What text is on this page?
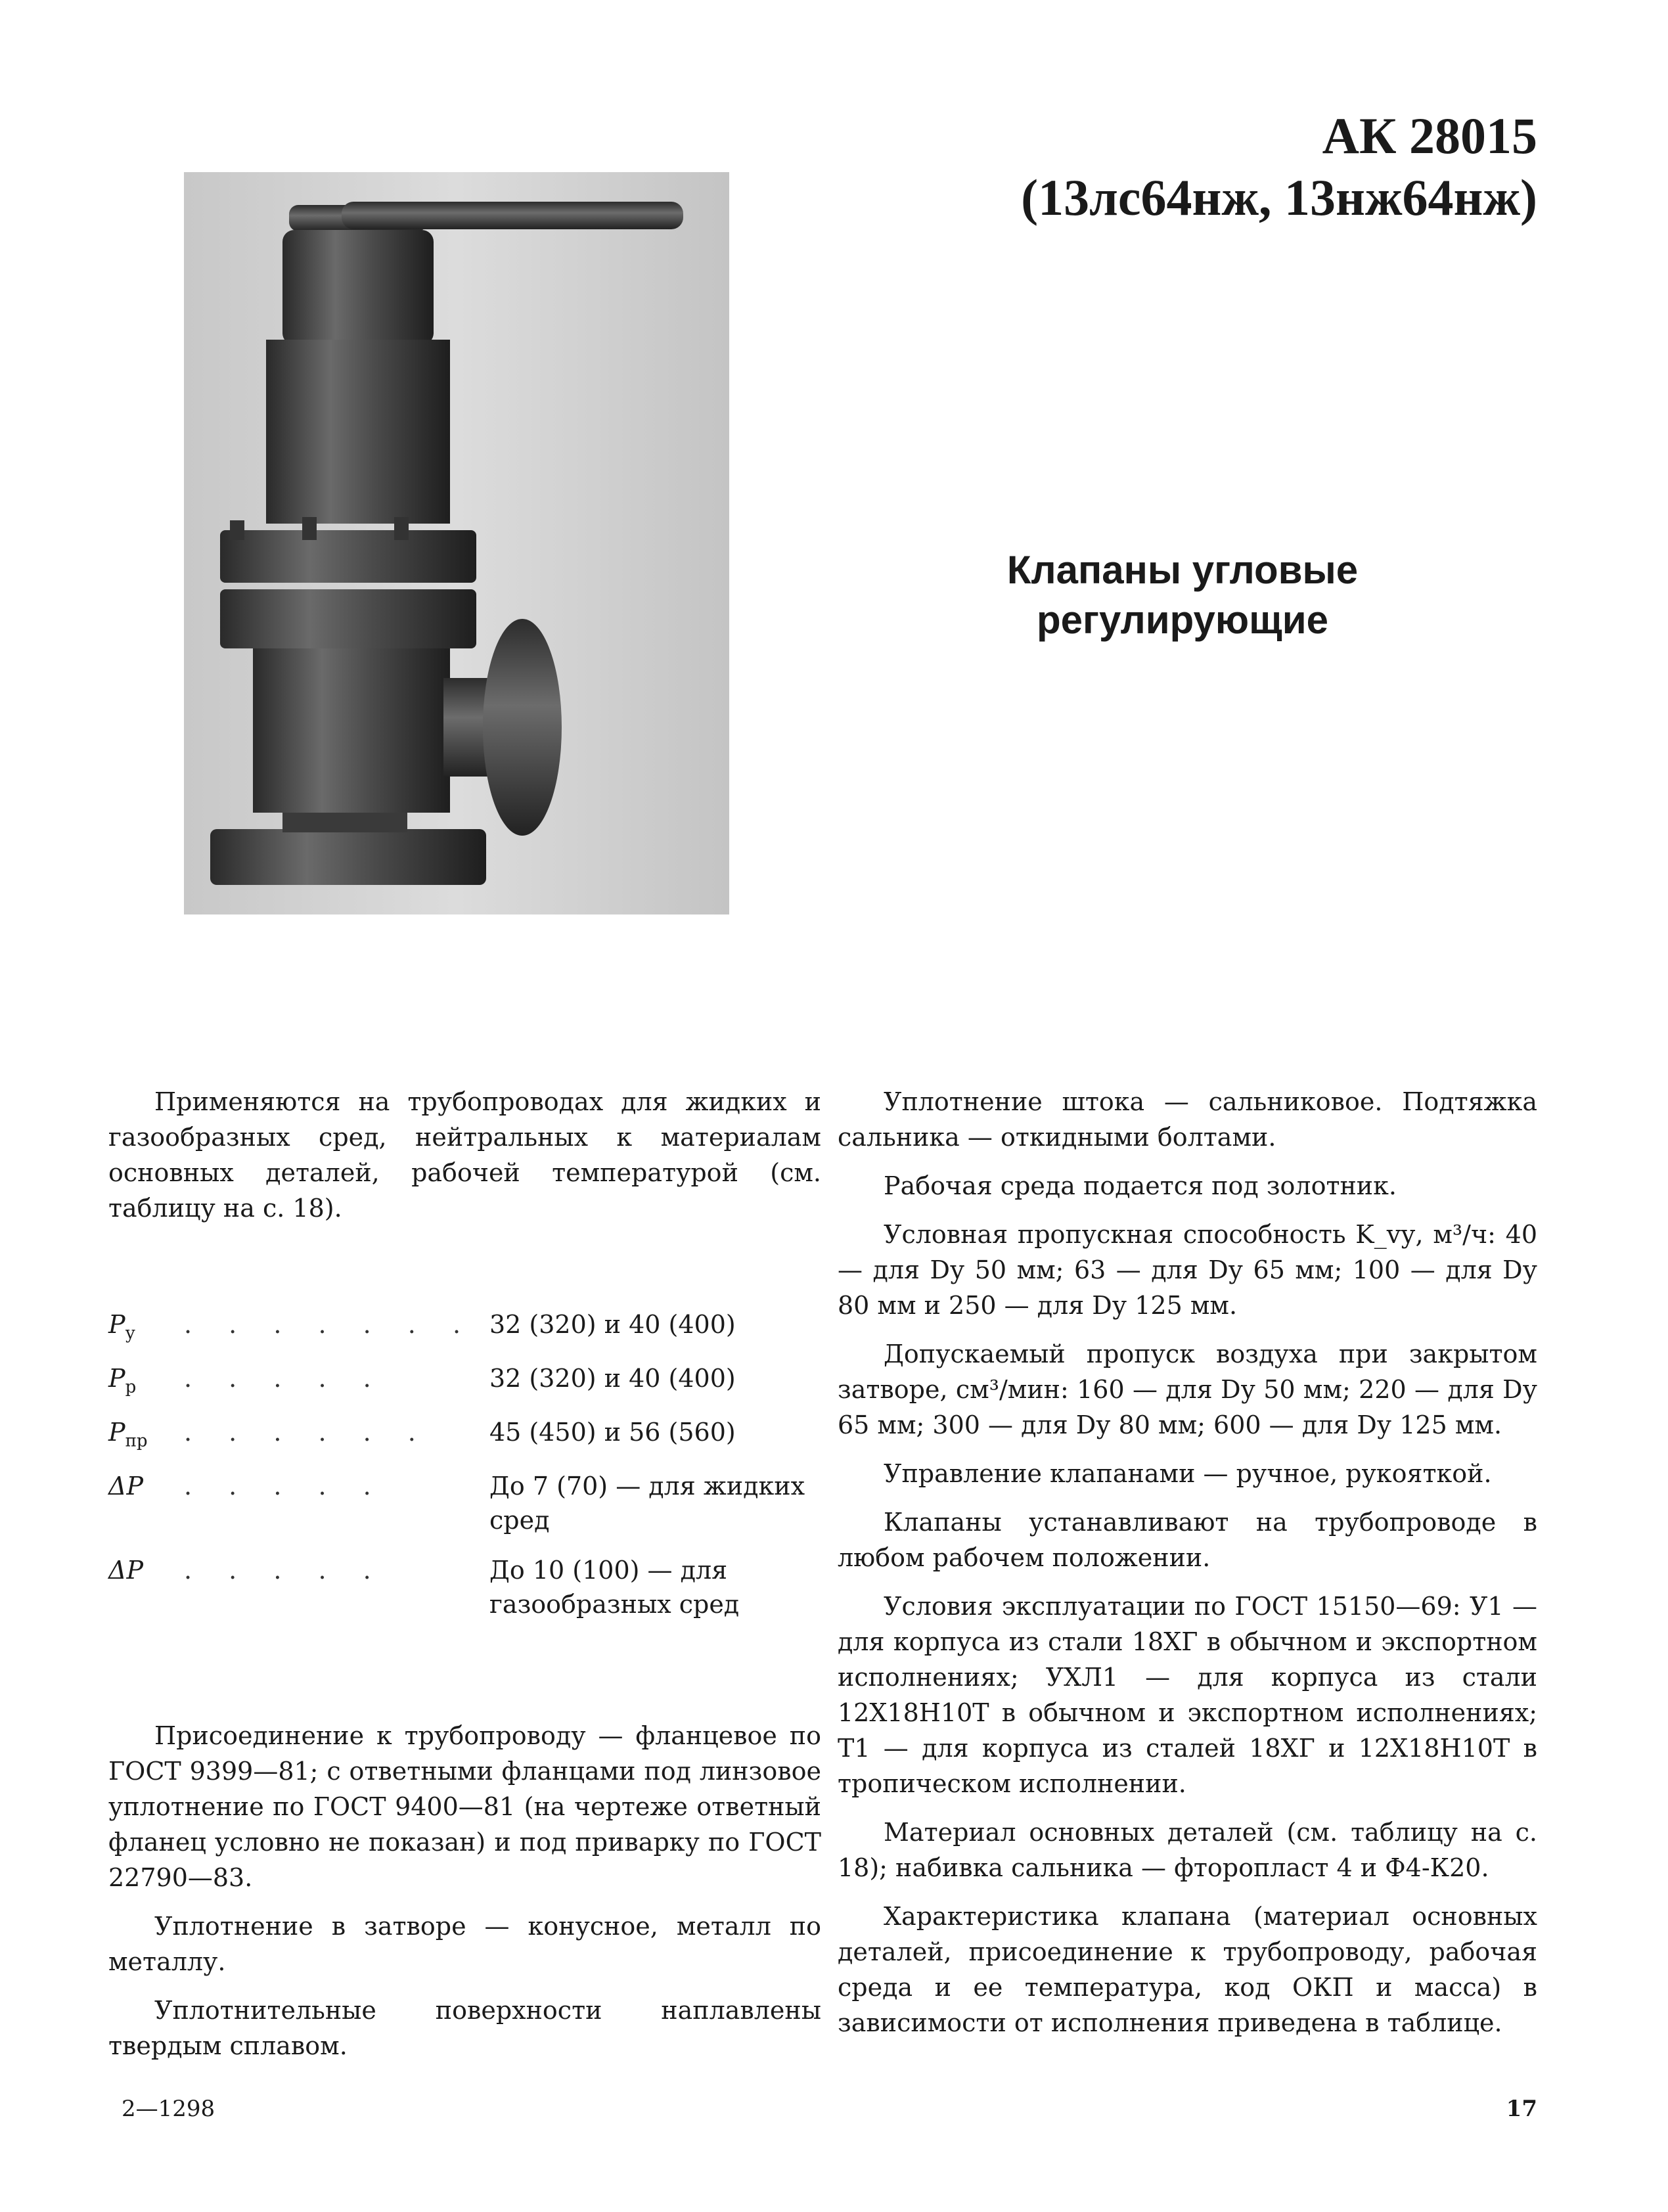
АК 28015
(13лс64нж, 13нж64нж)
Клапаны угловые
регулирующие

Применяются на трубопроводах для жидких и газообразных сред, нейтральных к материалам основных деталей, рабочей температурой (см. таблицу на с. 18).

$P_у$ . . . . . . . 32 (320) и 40 (400)
$P_р$ . . . . .	32 (320) и 40 (400)
$P_{пр}$ . . . . . . 45 (450) и 56 (560)
ΔP . . . . .	До 7 (70) — для жидких сред
ΔP . . . . .	До 10 (100) — для газообразных сред

Присоединение к трубопроводу — фланцевое по ГОСТ 9399—81; с ответными фланцами под линзовое уплотнение по ГОСТ 9400—81 (на чертеже ответный фланец условно не показан) и под приварку по ГОСТ 22790—83.

Уплотнение в затворе — конусное, металл по металлу.

Уплотнительные поверхности наплавлены твердым сплавом.

Уплотнение штока — сальниковое. Подтяжка сальника — откидными болтами.

Рабочая среда подается под золотник.

Условная пропускная способность K_vу, м³/ч: 40 — для Dу 50 мм; 63 — для Dу 65 мм; 100 — для Dу 80 мм и 250 — для Dу 125 мм.

Допускаемый пропуск воздуха при закрытом затворе, см³/мин: 160 — для Dу 50 мм; 220 — для Dу 65 мм; 300 — для Dу 80 мм; 600 — для Dу 125 мм.

Управление клапанами — ручное, рукояткой.

Клапаны устанавливают на трубопроводе в любом рабочем положении.

Условия эксплуатации по ГОСТ 15150—69: У1 — для корпуса из стали 18ХГ в обычном и экспортном исполнениях; УХЛ1 — для корпуса из стали 12Х18Н10Т в обычном и экспортном исполнениях; Т1 — для корпуса из сталей 18ХГ и 12Х18Н10Т в тропическом исполнении.

Материал основных деталей (см. таблицу на с. 18); набивка сальника — фторопласт 4 и Ф4-К20.

Характеристика клапана (материал основных деталей, присоединение к трубопроводу, рабочая среда и ее температура, код ОКП и масса) в зависимости от исполнения приведена в таблице.

2—1298	17
